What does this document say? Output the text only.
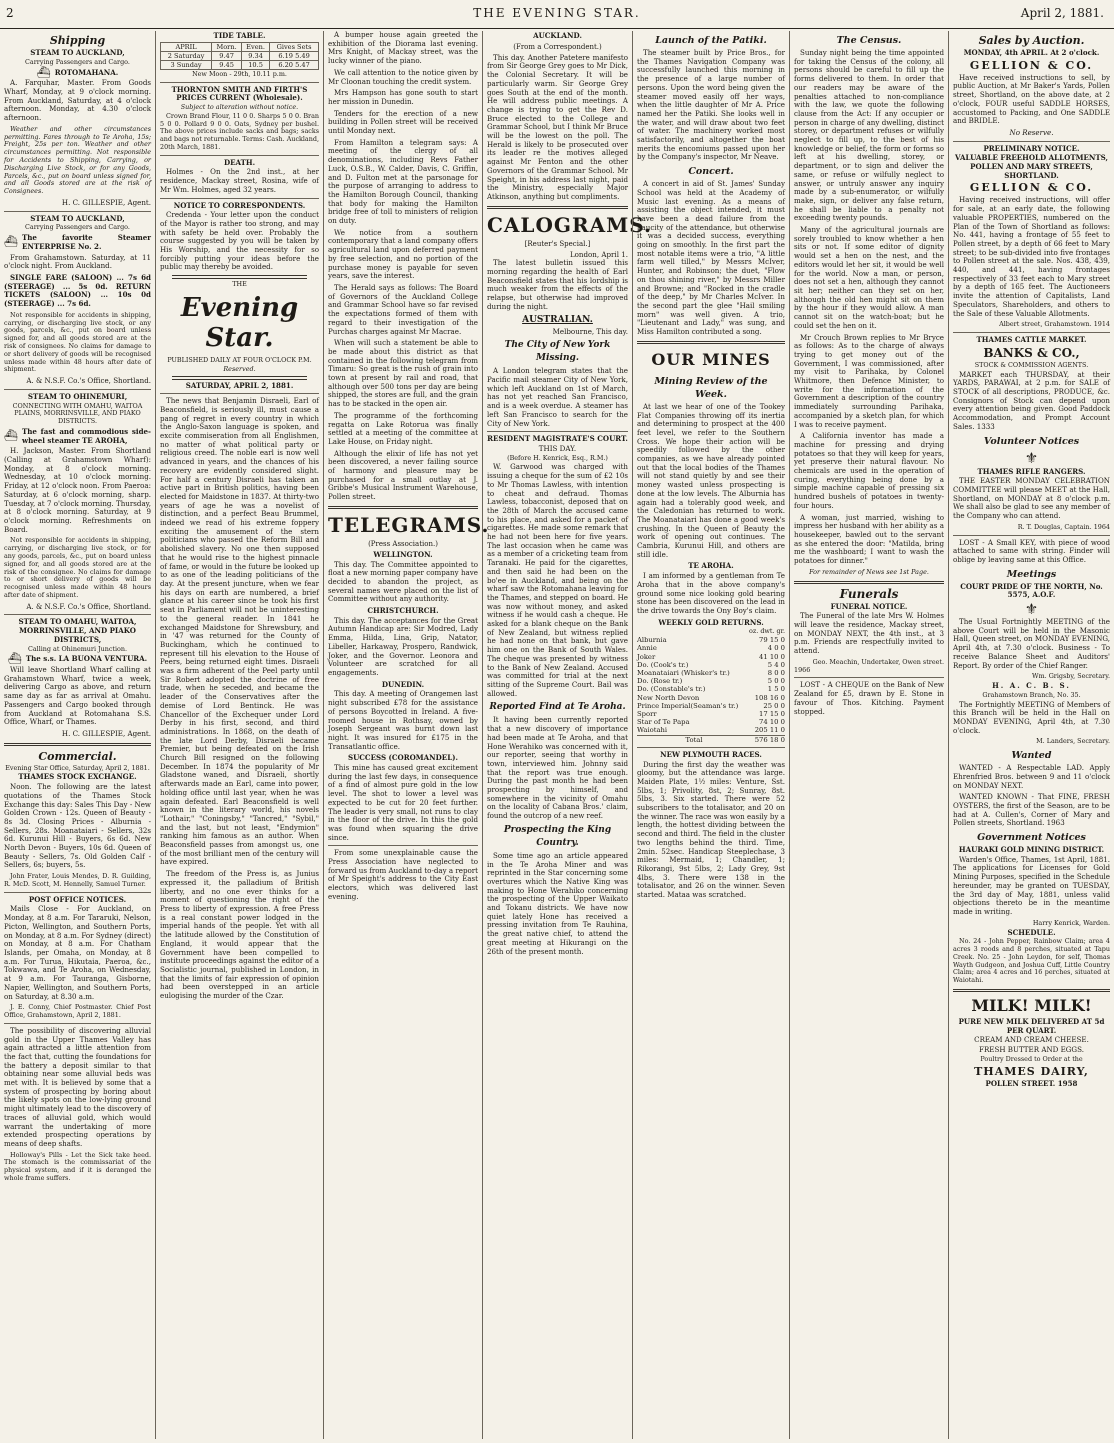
2	THE EVENING STAR.	April 2, 1881.
Shipping
STEAM TO AUCKLAND,
Carrying Passengers and Cargo.
⛴ ROTOMAHANA.
A. Farquhar, Master. From Goods Wharf, Monday, at 9 o'clock morning. From Auckland, Saturday, at 4 o'clock afternoon. Monday, at 4.30 o'clock afternoon.
Weather and other circumstances permitting. Fares through to Te Aroha, 15s; Freight, 25s per ton. Weather and other circumstances permitting. Not responsible for Accidents to Shipping, Carrying, or Discharging Live Stock, or for any Goods, Parcels, &c., put on board unless signed for, and all Goods stored are at the risk of Consignees.
H. C. GILLESPIE, Agent.
STEAM TO AUCKLAND,
Carrying Passengers and Cargo.
⛴ The favorite Steamer ENTERPRISE No. 2.
From Grahamstown. Saturday, at 11 o'clock night. From Auckland.
SINGLE FARE (SALOON) ... 7s 6d (STEERAGE) ... 5s 0d. RETURN TICKETS (SALOON) ... 10s 0d (STEERAGE) ... 7s 6d.
Not responsible for accidents in shipping, carrying, or discharging live stock, or any goods, parcels, &c., put on board unless signed for, and all goods stored are at the risk of consignees. No claims for damage to or short delivery of goods will be recognised unless made within 48 hours after date of shipment.
A. & N.S.F. Co.'s Office, Shortland.
STEAM TO OHINEMURI,
CONNECTING WITH OMAHU, WAITOA PLAINS, MORRINSVILLE, AND PIAKO DISTRICTS.
⛴ The fast and commodious side-wheel steamer TE AROHA,
H. Jackson, Master. From Shortland (Calling at Grahamstown Wharf): Monday, at 8 o'clock morning. Wednesday, at 10 o'clock morning. Friday, at 12 o'clock noon. From Paeroa: Saturday, at 6 o'clock morning, sharp. Tuesday, at 7 o'clock morning. Thursday, at 8 o'clock morning. Saturday, at 9 o'clock morning. Refreshments on Board.
Not responsible for accidents in shipping, carrying, or discharging live stock, or for any goods, parcels, &c., put on board unless signed for, and all goods stored are at the risk of the consignee. No claims for damage to or short delivery of goods will be recognised unless made within 48 hours after date of shipment.
A. & N.S.F. Co.'s Office, Shortland.
STEAM TO OMAHU, WAITOA, MORRINSVILLE, AND PIAKO DISTRICTS,
Calling at Ohinemuri Junction.
⛴ The s.s. LA BUONA VENTURA.
Will leave Shortland Wharf calling at Grahamstown Wharf, twice a week, delivering Cargo as above, and return same day as far as arrival at Omahu. Passengers and Cargo booked through from Auckland at Rotomahana S.S. Office, Wharf, or Thames.
H. C. GILLESPIE, Agent.
Commercial.
Evening Star Office, Saturday, April 2, 1881.
THAMES STOCK EXCHANGE.
Noon. The following are the latest quotations of the Thames Stock Exchange this day: Sales This Day - New Golden Crown - 12s. Queen of Beauty - 8s 3d. Closing Prices - Alburnia - Sellers, 28s. Moanataiari - Sellers, 32s 6d. Kurunui Hill - Buyers, 6s 6d. New North Devon - Buyers, 10s 6d. Queen of Beauty - Sellers, 7s. Old Golden Calf - Sellers, 6s; buyers, 5s.
John Frater, Louis Mendes, D. R. Guilding, R. McD. Scott, M. Hennelly, Samuel Turner.
POST OFFICE NOTICES.
Mails Close - For Auckland, on Monday, at 8 a.m. For Tararuki, Nelson, Picton, Wellington, and Southern Ports, on Monday, at 8 a.m. For Sydney (direct) on Monday, at 8 a.m. For Chatham Islands, per Omaha, on Monday, at 8 a.m. For Turua, Hikutaia, Paeroa, &c., Tokwawa, and Te Aroha, on Wednesday, at 9 a.m. For Tauranga, Gisborne, Napier, Wellington, and Southern Ports, on Saturday, at 8.30 a.m.
J. E. Conny, Chief Postmaster. Chief Post Office, Grahamstown, April 2, 1881.
The possibility of discovering alluvial gold in the Upper Thames Valley has again attracted a little attention from the fact that, cutting the foundations for the battery a deposit similar to that obtaining near some alluvial beds was met with. It is believed by some that a system of prospecting by boring about the likely spots on the low-lying ground might ultimately lead to the discovery of traces of alluvial gold, which would warrant the undertaking of more extended prospecting operations by means of deep shafts.
Holloway's Pills - Let the Sick take heed. The stomach is the commissariat of the physical system, and if it is deranged the whole frame suffers.
TIDE TABLE.
APRIL	Morn.	Even.	Gives Sets
2 Saturday	9.47	9.34	6.19 5.49
3 Sunday	9.45	10.5	6.20 5.47
New Moon - 29th, 10.11 p.m.
THORNTON SMITH AND FIRTH'S PRICES CURRENT (Wholesale).
Subject to alteration without notice.
Crown Brand Flour, 11 0 0. Sharps 5 0 0. Bran 5 0 0. Pollard 9 0 0. Oats, Sydney per bushel. The above prices include sacks and bags; sacks and bags not returnable. Terms: Cash. Auckland, 20th March, 1881.
DEATH.
Holmes - On the 2nd inst., at her residence, Mackay street, Rosina, wife of Mr Wm. Holmes, aged 32 years.
NOTICE TO CORRESPONDENTS.
Credenda - Your letter upon the conduct of the Mayor is rather too strong, and may with safety be held over. Probably the course suggested by you will be taken by His Worship, and the necessity for so forcibly putting your ideas before the public may thereby be avoided.
THE
Evening Star.
PUBLISHED DAILY AT FOUR O'CLOCK P.M.
Reserved.
SATURDAY, APRIL 2, 1881.
The news that Benjamin Disraeli, Earl of Beaconsfield, is seriously ill, must cause a pang of regret in every country in which the Anglo-Saxon language is spoken, and excite commiseration from all Englishmen, no matter of what political party or religious creed. The noble earl is now well advanced in years, and the chances of his recovery are evidently considered slight. For half a century Disraeli has taken an active part in British politics, having been elected for Maidstone in 1837. At thirty-two years of age he was a novelist of distinction, and a perfect Beau Brummel, indeed we read of his extreme foppery exciting the amusement of the stern politicians who passed the Reform Bill and abolished slavery. No one then supposed that he would rise to the highest pinnacle of fame, or would in the future be looked up to as one of the leading politicians of the day. At the present juncture, when we fear his days on earth are numbered, a brief glance at his career since he took his first seat in Parliament will not be uninteresting to the general reader. In 1841 he exchanged Maidstone for Shrewsbury, and in '47 was returned for the County of Buckingham, which he continued to represent till his elevation to the House of Peers, being returned eight times. Disraeli was a firm adherent of the Peel party until Sir Robert adopted the doctrine of free trade, when he seceded, and became the leader of the Conservatives after the demise of Lord Bentinck. He was Chancellor of the Exchequer under Lord Derby in his first, second, and third administrations. In 1868, on the death of the late Lord Derby, Disraeli became Premier, but being defeated on the Irish Church Bill resigned on the following December. In 1874 the popularity of Mr Gladstone waned, and Disraeli, shortly afterwards made an Earl, came into power, holding office until last year, when he was again defeated. Earl Beaconsfield is well known in the literary world, his novels "Lothair," "Coningsby," "Tancred," "Sybil," and the last, but not least, "Endymion" ranking him famous as an author. When Beaconsfield passes from amongst us, one of the most brilliant men of the century will have expired.
The freedom of the Press is, as Junius expressed it, the palladium of British liberty, and no one ever thinks for a moment of questioning the right of the Press to liberty of expression. A free Press is a real constant power lodged in the imperial hands of the people. Yet with all the latitude allowed by the Constitution of England, it would appear that the Government have been compelled to institute proceedings against the editor of a Socialistic journal, published in London, in that the limits of fair expression of opinion had been overstepped in an article eulogising the murder of the Czar.
A bumper house again greeted the exhibition of the Diorama last evening. Mrs Knight, of Mackay street, was the lucky winner of the piano.
We call attention to the notice given by Mr Cloonan touching the credit system.
Mrs Hampson has gone south to start her mission in Dunedin.
Tenders for the erection of a new building in Pollen street will be received until Monday next.
From Hamilton a telegram says: A meeting of the clergy of all denominations, including Revs Father Luck, O.S.B., W. Calder, Davis, C. Griffin, and D. Fulton met at the parsonage for the purpose of arranging to address to the Hamilton Borough Council, thanking that body for making the Hamilton bridge free of toll to ministers of religion on duty.
We notice from a southern contemporary that a land company offers agricultural land upon deferred payment by free selection, and no portion of the purchase money is payable for seven years, save the interest.
The Herald says as follows: The Board of Governors of the Auckland College and Grammar School have so far revised the expectations formed of them with regard to their investigation of the Purchas charges against Mr Macrae.
When will such a statement be able to be made about this district as that contained in the following telegram from Timaru: So great is the rush of grain into town at present by rail and road, that although over 500 tons per day are being shipped, the stores are full, and the grain has to be stacked in the open air.
The programme of the forthcoming regatta on Lake Rotorua was finally settled at a meeting of the committee at Lake House, on Friday night.
Although the elixir of life has not yet been discovered, a never failing source of harmony and pleasure may be purchased for a small outlay at J. Gribbe's Musical Instrument Warehouse, Pollen street.
TELEGRAMS.
(Press Association.)
WELLINGTON.
This day. The Committee appointed to float a new morning paper company have decided to abandon the project, as several names were placed on the list of Committee without any authority.
CHRISTCHURCH.
This day. The acceptances for the Great Autumn Handicap are: Sir Modred, Lady Emma, Hilda, Lina, Grip, Natator, Libeller, Harkaway, Prospero, Randwick, Joker, and the Governor. Leonora and Volunteer are scratched for all engagements.
DUNEDIN.
This day. A meeting of Orangemen last night subscribed £78 for the assistance of persons Boycotted in Ireland. A five-roomed house in Rothsay, owned by Joseph Sergeant was burnt down last night. It was insured for £175 in the Transatlantic office.
SUCCESS (COROMANDEL).
This mine has caused great excitement during the last few days, in consequence of a find of almost pure gold in the low level. The shot to lower a level was expected to be cut for 20 feet further. The leader is very small, not runs to clay in the floor of the drive. In this the gold was found when squaring the drive since.
From some unexplainable cause the Press Association have neglected to forward us from Auckland to-day a report of Mr Speight's address to the City East electors, which was delivered last evening.
AUCKLAND.
(From a Correspondent.)
This day. Another Patetere manifesto from Sir George Grey goes to Mr Dick, the Colonial Secretary. It will be particularly warm. Sir George Grey goes South at the end of the month. He will address public meetings. A change is trying to get the Rev D. Bruce elected to the College and Grammar School, but I think Mr Bruce will be the lowest on the poll. The Herald is likely to be prosecuted over its leader re the motives alleged against Mr Fenton and the other Governors of the Grammar School. Mr Speight, in his address last night, paid the Ministry, especially Major Atkinson, anything but compliments.
CALOGRAMS.
[Reuter's Special.]
London, April 1.
The latest bulletin issued this morning regarding the health of Earl Beaconsfield states that his lordship is much weaker from the effects of the relapse, but otherwise had improved during the night.
AUSTRALIAN.
Melbourne, This day.
The City of New York Missing.
A London telegram states that the Pacific mail steamer City of New York, which left Auckland on 1st of March, has not yet reached San Francisco, and is a week overdue. A steamer has left San Francisco to search for the City of New York.
RESIDENT MAGISTRATE'S COURT.
THIS DAY.
(Before H. Kenrick, Esq., R.M.)
W. Garwood was charged with issuing a cheque for the sum of £2 10s to Mr Thomas Lawless, with intention to cheat and defraud. Thomas Lawless, tobacconist, deposed that on the 28th of March the accused came to his place, and asked for a packet of cigarettes. He made some remark that he had not been here for five years. The last occasion when he came was as a member of a cricketing team from Taranaki. He paid for the cigarettes, and then said he had been on the bo'ee in Auckland, and being on the wharf saw the Rotomahana leaving for the Thames, and stepped on board. He was now without money, and asked witness if he would cash a cheque. He asked for a blank cheque on the Bank of New Zealand, but witness replied he had none on that bank, but gave him one on the Bank of South Wales. The cheque was presented by witness to the Bank of New Zealand. Accused was committed for trial at the next sitting of the Supreme Court. Bail was allowed.
Reported Find at Te Aroha.
It having been currently reported that a new discovery of importance had been made at Te Aroha, and that Hone Werahiko was concerned with it, our reporter, seeing that worthy in town, interviewed him. Johnny said that the report was true enough. During the past month he had been prospecting by himself, and somewhere in the vicinity of Omahu on the locality of Cabana Bros.' claim, found the outcrop of a new reef.
Prospecting the King Country.
Some time ago an article appeared in the Te Aroha Miner and was reprinted in the Star concerning some overtures which the Native King was making to Hone Werahiko concerning the prospecting of the Upper Waikato and Tokanu districts. We have now quiet lately Hone has received a pressing invitation from Te Rauhina, the great native chief, to attend the great meeting at Hikurangi on the 26th of the present month.
Launch of the Patiki.
The steamer built by Price Bros., for the Thames Navigation Company was successfully launched this morning in the presence of a large number of persons. Upon the word being given the steamer moved easily off her ways, when the little daughter of Mr A. Price named her the Patiki. She looks well in the water, and will draw about two feet of water. The machinery worked most satisfactorily, and altogether the boat merits the encomiums passed upon her by the Company's inspector, Mr Neave.
Concert.
A concert in aid of St. James' Sunday School was held at the Academy of Music last evening. As a means of assisting the object intended, it must have been a dead failure from the paucity of the attendance, but otherwise it was a decided success, everything going on smoothly. In the first part the most notable items were a trio, "A little farm well tilled," by Messrs McIver, Hunter, and Robinson; the duet, "Flow on thou shining river," by Messrs Miller and Browne; and "Rocked in the cradle of the deep," by Mr Charles McIver. In the second part the glee "Hail smiling morn" was well given. A trio, "Lieutenant and Lady," was sung, and Miss Hamilton contributed a song.
OUR MINES
Mining Review of the Week.
At last we hear of one of the Tookey Flat Companies throwing off its inertia and determining to prospect at the 400 feet level, we refer to the Southern Cross. We hope their action will be speedily followed by the other companies, as we have already pointed out that the local bodies of the Thames will not stand quietly by and see their money wasted unless prospecting is done at the low levels. The Alburnia has again had a tolerably good week, and the Caledonian has returned to work. The Moanataiari has done a good week's crushing. In the Queen of Beauty the work of opening out continues. The Cambria, Kurunui Hill, and others are still idle.
TE AROHA.
I am informed by a gentleman from Te Aroha that in the above company's ground some nice looking gold bearing stone has been discovered on the lead in the drive towards the Ony Boy's claim.
WEEKLY GOLD RETURNS.
oz. dwt. gr.
Alburnia	79 15 0
Annie	4 0 0
Joker	41 10 0
Do. (Cook's tr.)	5 4 0
Moanataiari (Whisker's tr.)	8 0 0
Do. (Rose tr.)	5 0 0
Do. (Constable's tr.)	1 5 0
New North Devon	108 16 0
Prince Imperial(Seaman's tr.)	25 0 0
Sporr	17 15 0
Star of Te Papa	74 10 0
Waiotahi	205 11 0
Total	576 18 0
NEW PLYMOUTH RACES.
During the first day the weather was gloomy, but the attendance was large. Maiden Plate, 1½ miles: Venture, Sst. 5lbs, 1; Privolity, 8st, 2; Sunray, 8st. 5lbs, 3. Six started. There were 52 subscribers to the totalisator, and 20 on the winner. The race was won easily by a length, the hottest dividing between the second and third. The field in the cluster two lengths behind the third. Time, 2min. 52sec. Handicap Steeplechase, 3 miles: Mermaid, 1; Chandler, 1; Rikorangi, 9st 5lbs, 2; Lady Grey, 9st 4lbs, 3. There were 138 in the totalisator, and 26 on the winner. Seven started. Mataa was scratched.
The Census.
Sunday night being the time appointed for taking the Census of the colony, all persons should be careful to fill up the forms delivered to them. In order that our readers may be aware of the penalties attached to non-compliance with the law, we quote the following clause from the Act: If any occupier or person in charge of any dwelling, distinct storey, or department refuses or wilfully neglect to fill up, to the best of his knowledge or belief, the form or forms so left at his dwelling, storey, or department, or to sign and deliver the same, or refuse or wilfully neglect to answer, or untruly answer any inquiry made by a sub-enumerator, or wilfully make, sign, or deliver any false return, he shall be liable to a penalty not exceeding twenty pounds.
Many of the agricultural journals are sorely troubled to know whether a hen sits or not. If some editor of dignity would set a hen on the nest, and the editors would let her sit, it would be well for the world. Now a man, or person, does not set a hen, although they cannot sit her; neither can they set on her, although the old hen might sit on them by the hour if they would allow. A man cannot sit on the watch-boat; but he could set the hen on it.
Mr Crouch Brown replies to Mr Bryce as follows: As to the charge of always trying to get money out of the Government, I was commissioned, after my visit to Parihaka, by Colonel Whitmore, then Defence Minister, to write for the information of the Government a description of the country immediately surrounding Parihaka, accompanied by a sketch plan, for which I was to receive payment.
A California inventor has made a machine for pressing and drying potatoes so that they will keep for years, yet preserve their natural flavour. No chemicals are used in the operation of curing, everything being done by a simple machine capable of pressing six hundred bushels of potatoes in twenty-four hours.
A woman, just married, wishing to impress her husband with her ability as a housekeeper, bawled out to the servant as she entered the door: "Matilda, bring me the washboard; I want to wash the potatoes for dinner."
For remainder of News see 1st Page.
Funerals
FUNERAL NOTICE.
The Funeral of the late Mrs W. Holmes will leave the residence, Mackay street, on MONDAY NEXT, the 4th inst., at 3 p.m. Friends are respectfully invited to attend.
Geo. Meachin, Undertaker, Owen street.
1966
LOST - A CHEQUE on the Bank of New Zealand for £5, drawn by E. Stone in favour of Thos. Kitching. Payment stopped.
Sales by Auction.
MONDAY, 4th APRIL. At 2 o'clock.
GELLION & CO.
Have received instructions to sell, by public Auction, at Mr Baker's Yards, Pollen street, Shortland, on the above date, at 2 o'clock, FOUR useful SADDLE HORSES, accustomed to Packing, and One SADDLE and BRIDLE.
No Reserve.
PRELIMINARY NOTICE.
VALUABLE FREEHOLD ALLOTMENTS, POLLEN AND MARY STREETS, SHORTLAND.
GELLION & CO.
Having received instructions, will offer for sale, at an early date, the following valuable PROPERTIES, numbered on the Plan of the Town of Shortland as follows: No. 441, having a frontage of 55 feet to Pollen street, by a depth of 66 feet to Mary street; to be sub-divided into five frontages to Pollen street at the sale. Nos. 438, 439, 440, and 441, having frontages respectively of 33 feet each to Mary street by a depth of 165 feet. The Auctioneers invite the attention of Capitalists, Land Speculators, Shareholders, and others to the Sale of these Valuable Allotments.
Albert street, Grahamstown. 1914
THAMES CATTLE MARKET.
BANKS & CO.,
STOCK & COMMISSION AGENTS.
MARKET each THURSDAY, at their YARDS, PARAWAI, at 2 p.m. for SALE of STOCK of all descriptions, PRODUCE, &c. Consignors of Stock can depend upon every attention being given. Good Paddock Accommodation, and Prompt Account Sales. 1333
Volunteer Notices
⚜
THAMES RIFLE RANGERS.
THE EASTER MONDAY CELEBRATION COMMITTEE will please MEET at the Hall, Shortland, on MONDAY at 8 o'clock p.m. We shall also be glad to see any member of the Company who can attend.
R. T. Douglas, Captain. 1964
LOST - A Small KEY, with piece of wood attached to same with string. Finder will oblige by leaving same at this Office.
Meetings
COURT PRIDE OF THE NORTH, No. 5575, A.O.F.
⚜
The Usual Fortnightly MEETING of the above Court will be held in the Masonic Hall, Queen street, on MONDAY EVENING, April 4th, at 7.30 o'clock. Business - To receive Balance Sheet and Auditors' Report. By order of the Chief Ranger.
Wm. Grigsby, Secretary.
H. A. C. B. S.
Grahamstown Branch, No. 35.
The Fortnightly MEETING of Members of this Branch will be held in the Hall on MONDAY EVENING, April 4th, at 7.30 o'clock.
M. Landers, Secretary.
Wanted
WANTED - A Respectable LAD. Apply Ehrenfried Bros. between 9 and 11 o'clock on MONDAY NEXT.
WANTED KNOWN - That FINE, FRESH OYSTERS, the first of the Season, are to be had at A. Cullen's, Corner of Mary and Pollen streets, Shortland. 1963
Government Notices
HAURAKI GOLD MINING DISTRICT.
Warden's Office, Thames, 1st April, 1881. The applications for Licenses for Gold Mining Purposes, specified in the Schedule hereunder, may be granted on TUESDAY, the 3rd day of May, 1881, unless valid objections thereto be in the meantime made in writing.
Harry Kenrick, Warden.
SCHEDULE.
No. 24 - John Pepper, Rainbow Claim; area 4 acres 3 roods and 8 perches, situated at Tapu Creek. No. 25 - John Leydon, for self, Thomas Wayth Gudgeon, and Joshua Cuff, Little Country Claim; area 4 acres and 16 perches, situated at Waiotahi.
MILK! MILK!
PURE NEW MILK DELIVERED AT 5d PER QUART.
CREAM AND CREAM CHEESE.
FRESH BUTTER AND EGGS.
Poultry Dressed to Order at the
THAMES DAIRY,
POLLEN STREET. 1958
